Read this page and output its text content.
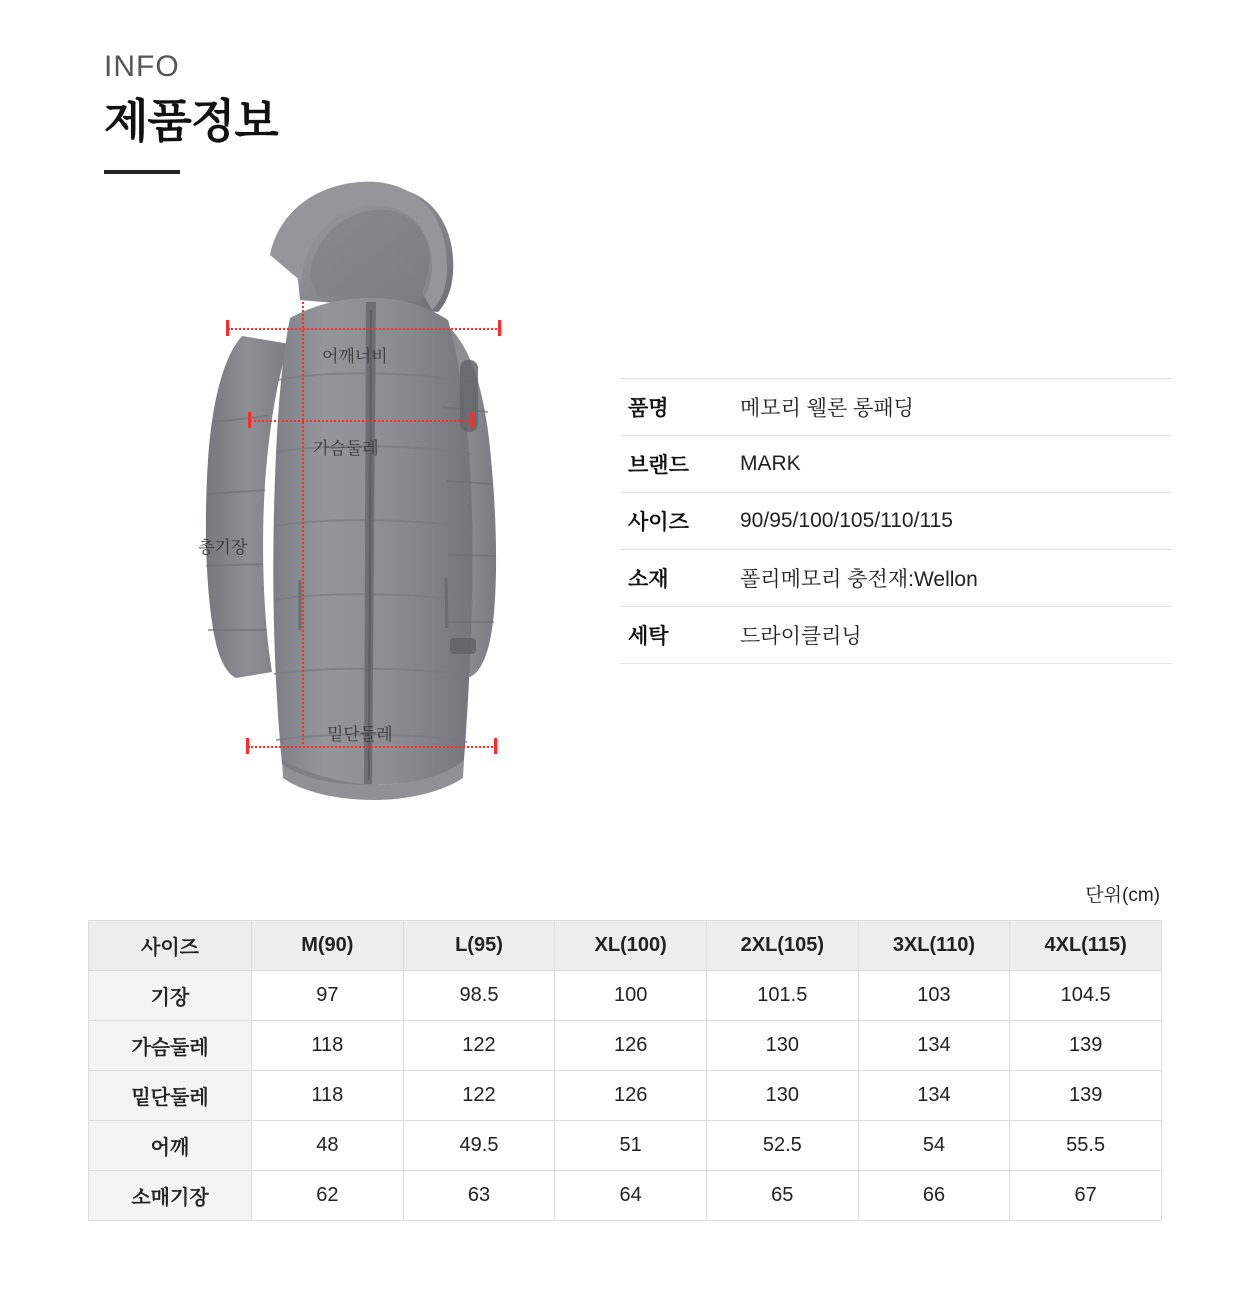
INFO
제품정보
어깨너비
가슴둘레
총기장
밑단둘레
품명	메모리 웰론 롱패딩
브랜드	MARK
사이즈	90/95/100/105/110/115
소재	폴리메모리 충전재:Wellon
세탁	드라이클리닝
단위(cm)
사이즈	M(90)	L(95)	XL(100)	2XL(105)	3XL(110)	4XL(115)
기장	97	98.5	100	101.5	103	104.5
가슴둘레	118	122	126	130	134	139
밑단둘레	118	122	126	130	134	139
어깨	48	49.5	51	52.5	54	55.5
소매기장	62	63	64	65	66	67
